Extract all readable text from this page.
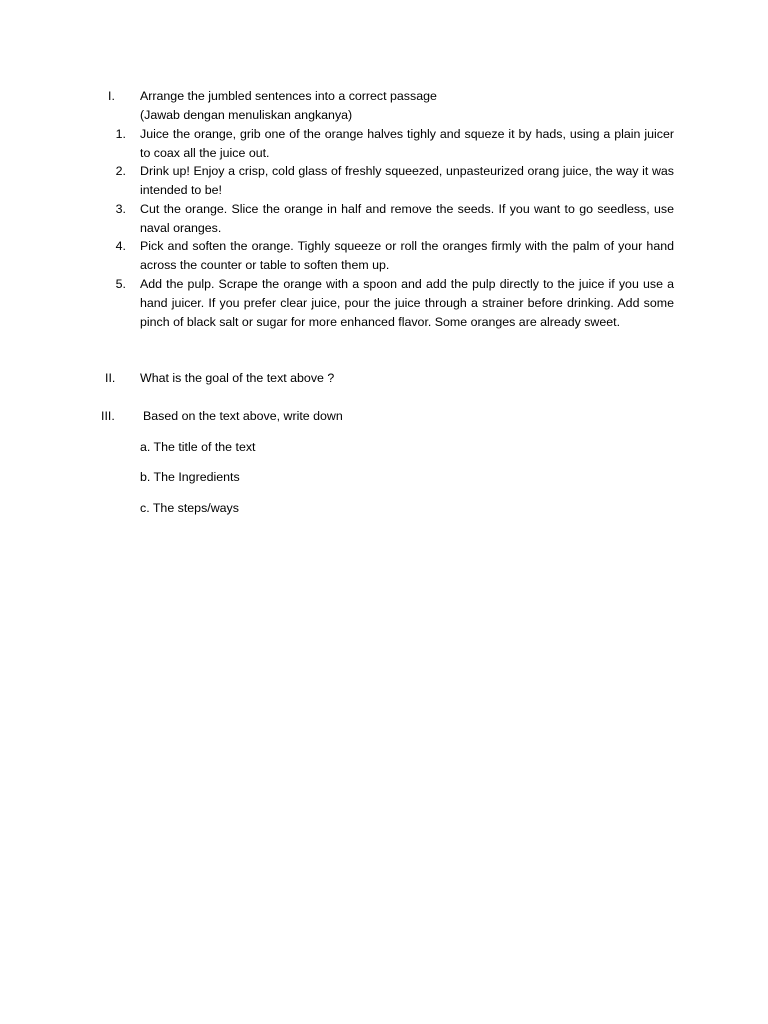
I. Arrange the jumbled sentences into a correct passage
(Jawab dengan menuliskan angkanya)
1. Juice the orange, grib one of the orange halves tighly and squeze it by hads, using a plain juicer to coax all the juice out.
2. Drink up! Enjoy a crisp, cold glass of freshly squeezed, unpasteurized orang juice, the way it was intended to be!
3. Cut the orange. Slice the orange in half and remove the seeds. If you want to go seedless, use naval oranges.
4. Pick and soften the orange. Tighly squeeze or roll the oranges firmly with the palm of your hand across the counter or table to soften them up.
5. Add the pulp. Scrape the orange with a spoon and add the pulp directly to the juice if you use a hand juicer. If you prefer clear juice, pour the juice through a strainer before drinking. Add some pinch of black salt or sugar for more enhanced flavor. Some oranges are already sweet.
II. What is the goal of the text above ?
III. Based on the text above, write down
a. The title of the text
b. The Ingredients
c. The steps/ways
